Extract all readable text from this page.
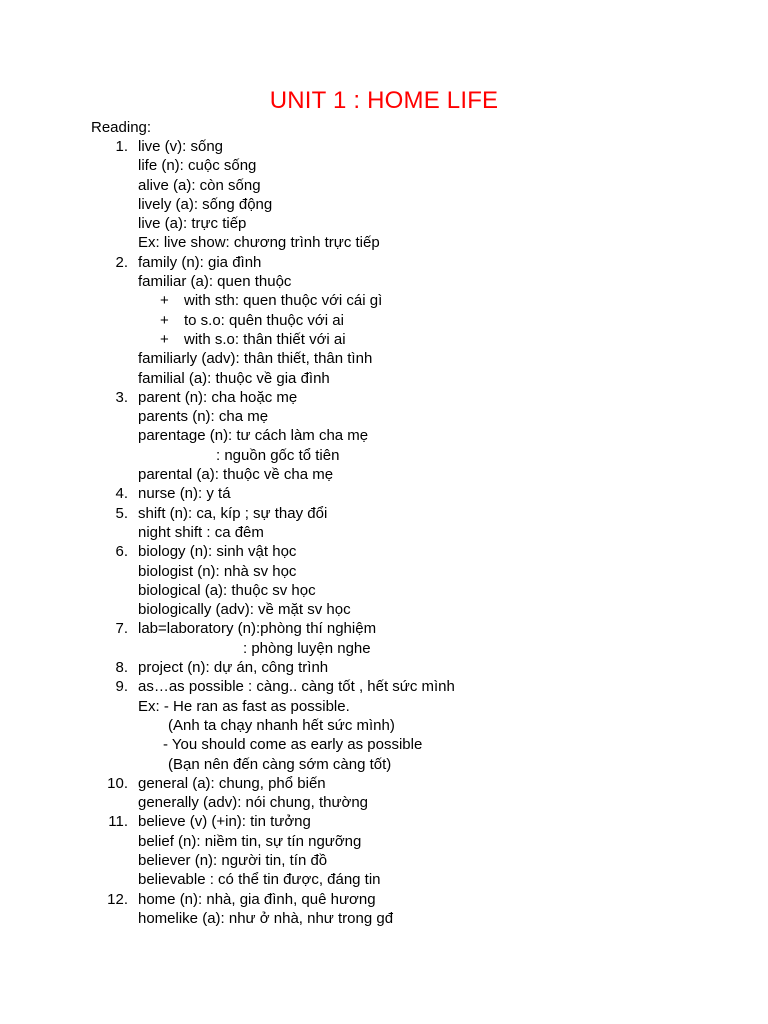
UNIT 1 : HOME LIFE
Reading:
1. live (v): sống
life (n): cuộc sống
alive (a): còn sống
lively (a): sống động
live (a): trực tiếp
Ex: live show: chương trình trực tiếp
2. family (n): gia đình
familiar (a): quen thuộc
+ with sth: quen thuộc với cái gì
+ to s.o: quên thuộc với ai
+ with s.o: thân thiết với ai
familiarly (adv): thân thiết, thân tình
familial (a): thuộc về gia đình
3. parent (n): cha hoặc mẹ
parents (n): cha mẹ
parentage (n): tư cách làm cha mẹ
: nguồn gốc tổ tiên
parental (a): thuộc về cha mẹ
4. nurse (n): y tá
5. shift (n): ca, kíp ; sự thay đổi
night shift : ca đêm
6. biology (n): sinh vật học
biologist (n): nhà sv học
biological (a): thuộc sv học
biologically (adv): về mặt sv học
7. lab=laboratory (n):phòng thí nghiệm
: phòng luyện nghe
8. project (n): dự án, công trình
9. as…as possible : càng.. càng tốt , hết sức mình
Ex: - He ran as fast as possible.
(Anh ta chạy nhanh hết sức mình)
- You should come as early as possible
(Bạn nên đến càng sớm càng tốt)
10. general (a): chung, phổ biến
generally (adv): nói chung, thường
11. believe (v) (+in): tin tưởng
belief (n): niềm tin, sự tín ngưỡng
believer (n): người tin, tín đồ
believable : có thể tin được, đáng tin
12. home (n): nhà, gia đình, quê hương
homelike (a): như ở nhà, như trong gđ
